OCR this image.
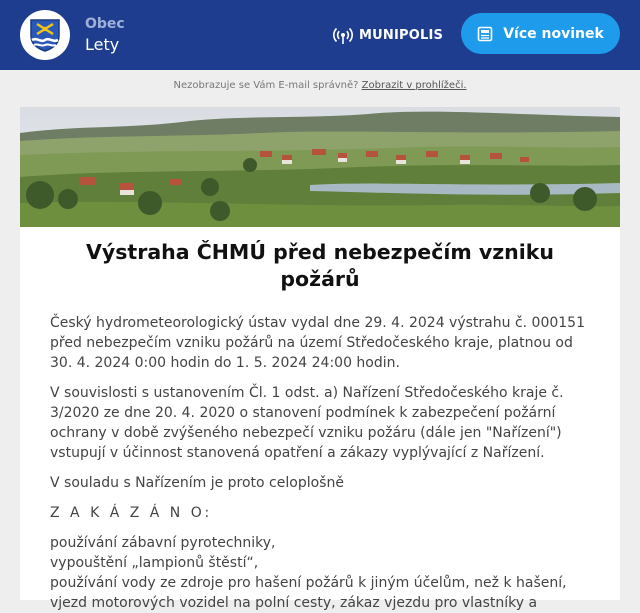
Obec
Lety	MUNIPOLIS	Více novinek
Nezobrazuje se Vám E-mail správně? Zobrazit v prohlížeči.
Výstraha ČHMÚ před nebezpečím vzniku požárů

Český hydrometeorologický ústav vydal dne 29. 4. 2024 výstrahu č. 000151 před nebezpečím vzniku požárů na území Středočeského kraje, platnou od 30. 4. 2024 0:00 hodin do 1. 5. 2024 24:00 hodin.

V souvislosti s ustanovením Čl. 1 odst. a) Nařízení Středočeského kraje č. 3/2020 ze dne 20. 4. 2020 o stanovení podmínek k zabezpečení požární ochrany v době zvýšeného nebezpečí vzniku požáru (dále jen "Nařízení") vstupují v účinnost stanovená opatření a zákazy vyplývající z Nařízení.

V souladu s Nařízením je proto celoplošně

Z A K Á Z Á N O:

používání zábavní pyrotechniky,
vypouštění „lampionů štěstí“,
používání vody ze zdroje pro hašení požárů k jiným účelům, než k hašení,
vjezd motorových vozidel na polní cesty, zákaz vjezdu pro vlastníky a
